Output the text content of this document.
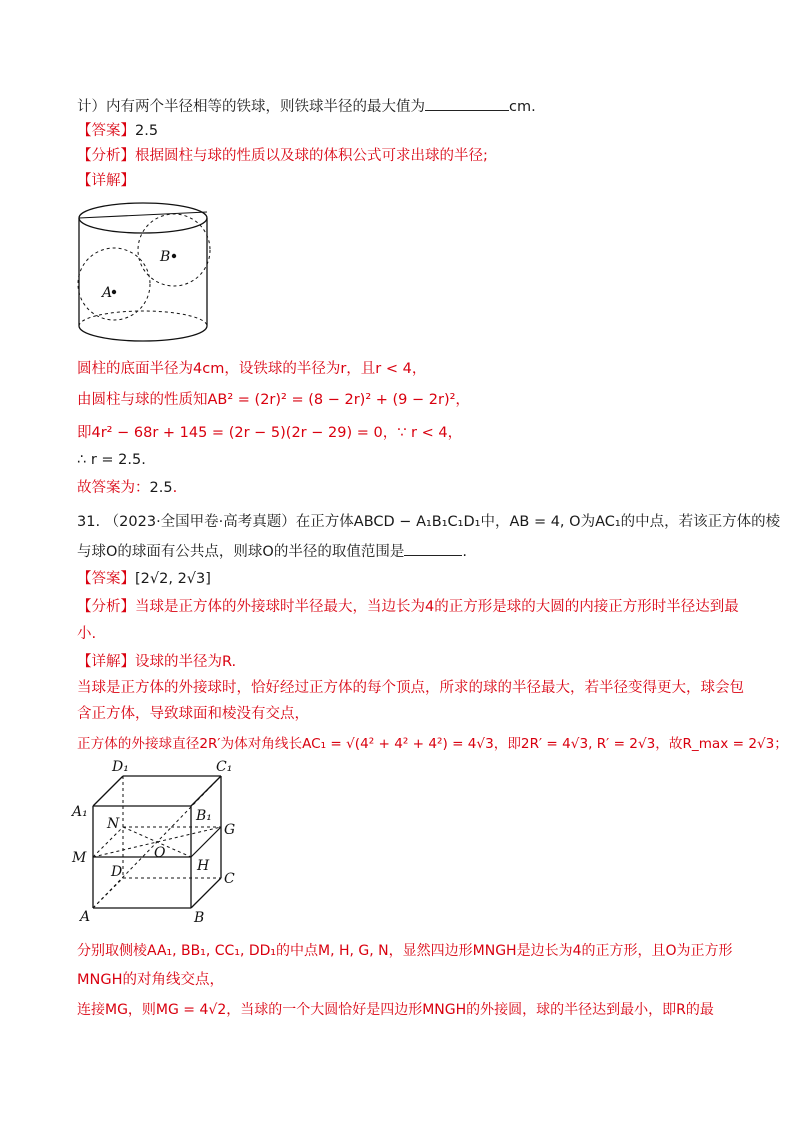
计）内有两个半径相等的铁球，则铁球半径的最大值为	cm.
【答案】2.5
【分析】根据圆柱与球的性质以及球的体积公式可求出球的半径;
【详解】
A
B
圆柱的底面半径为4cm，设铁球的半径为r，且r < 4，
由圆柱与球的性质知AB² = (2r)² = (8 − 2r)² + (9 − 2r)²，
即4r² − 68r + 145 = (2r − 5)(2r − 29) = 0，∵ r < 4，
∴ r = 2.5.
故答案为：2.5.
31. （2023·全国甲卷·高考真题）在正方体ABCD − A₁B₁C₁D₁中，AB = 4, O为AC₁的中点，若该正方体的棱
与球O的球面有公共点，则球O的半径的取值范围是	.
【答案】[2√2, 2√3]
【分析】当球是正方体的外接球时半径最大，当边长为4的正方形是球的大圆的内接正方形时半径达到最
小.
【详解】设球的半径为R.
当球是正方体的外接球时，恰好经过正方体的每个顶点，所求的球的半径最大，若半径变得更大，球会包
含正方体，导致球面和棱没有交点，
正方体的外接球直径2R′为体对角线长AC₁ = √(4² + 4² + 4²) = 4√3，即2R′ = 4√3, R′ = 2√3，故R_max = 2√3；
D₁	C₁
A₁	B₁
N	G
M	O
H
D	C
A	B
分别取侧棱AA₁, BB₁, CC₁, DD₁的中点M, H, G, N，显然四边形MNGH是边长为4的正方形，且O为正方形
MNGH的对角线交点，
连接MG，则MG = 4√2，当球的一个大圆恰好是四边形MNGH的外接圆，球的半径达到最小，即R的最
